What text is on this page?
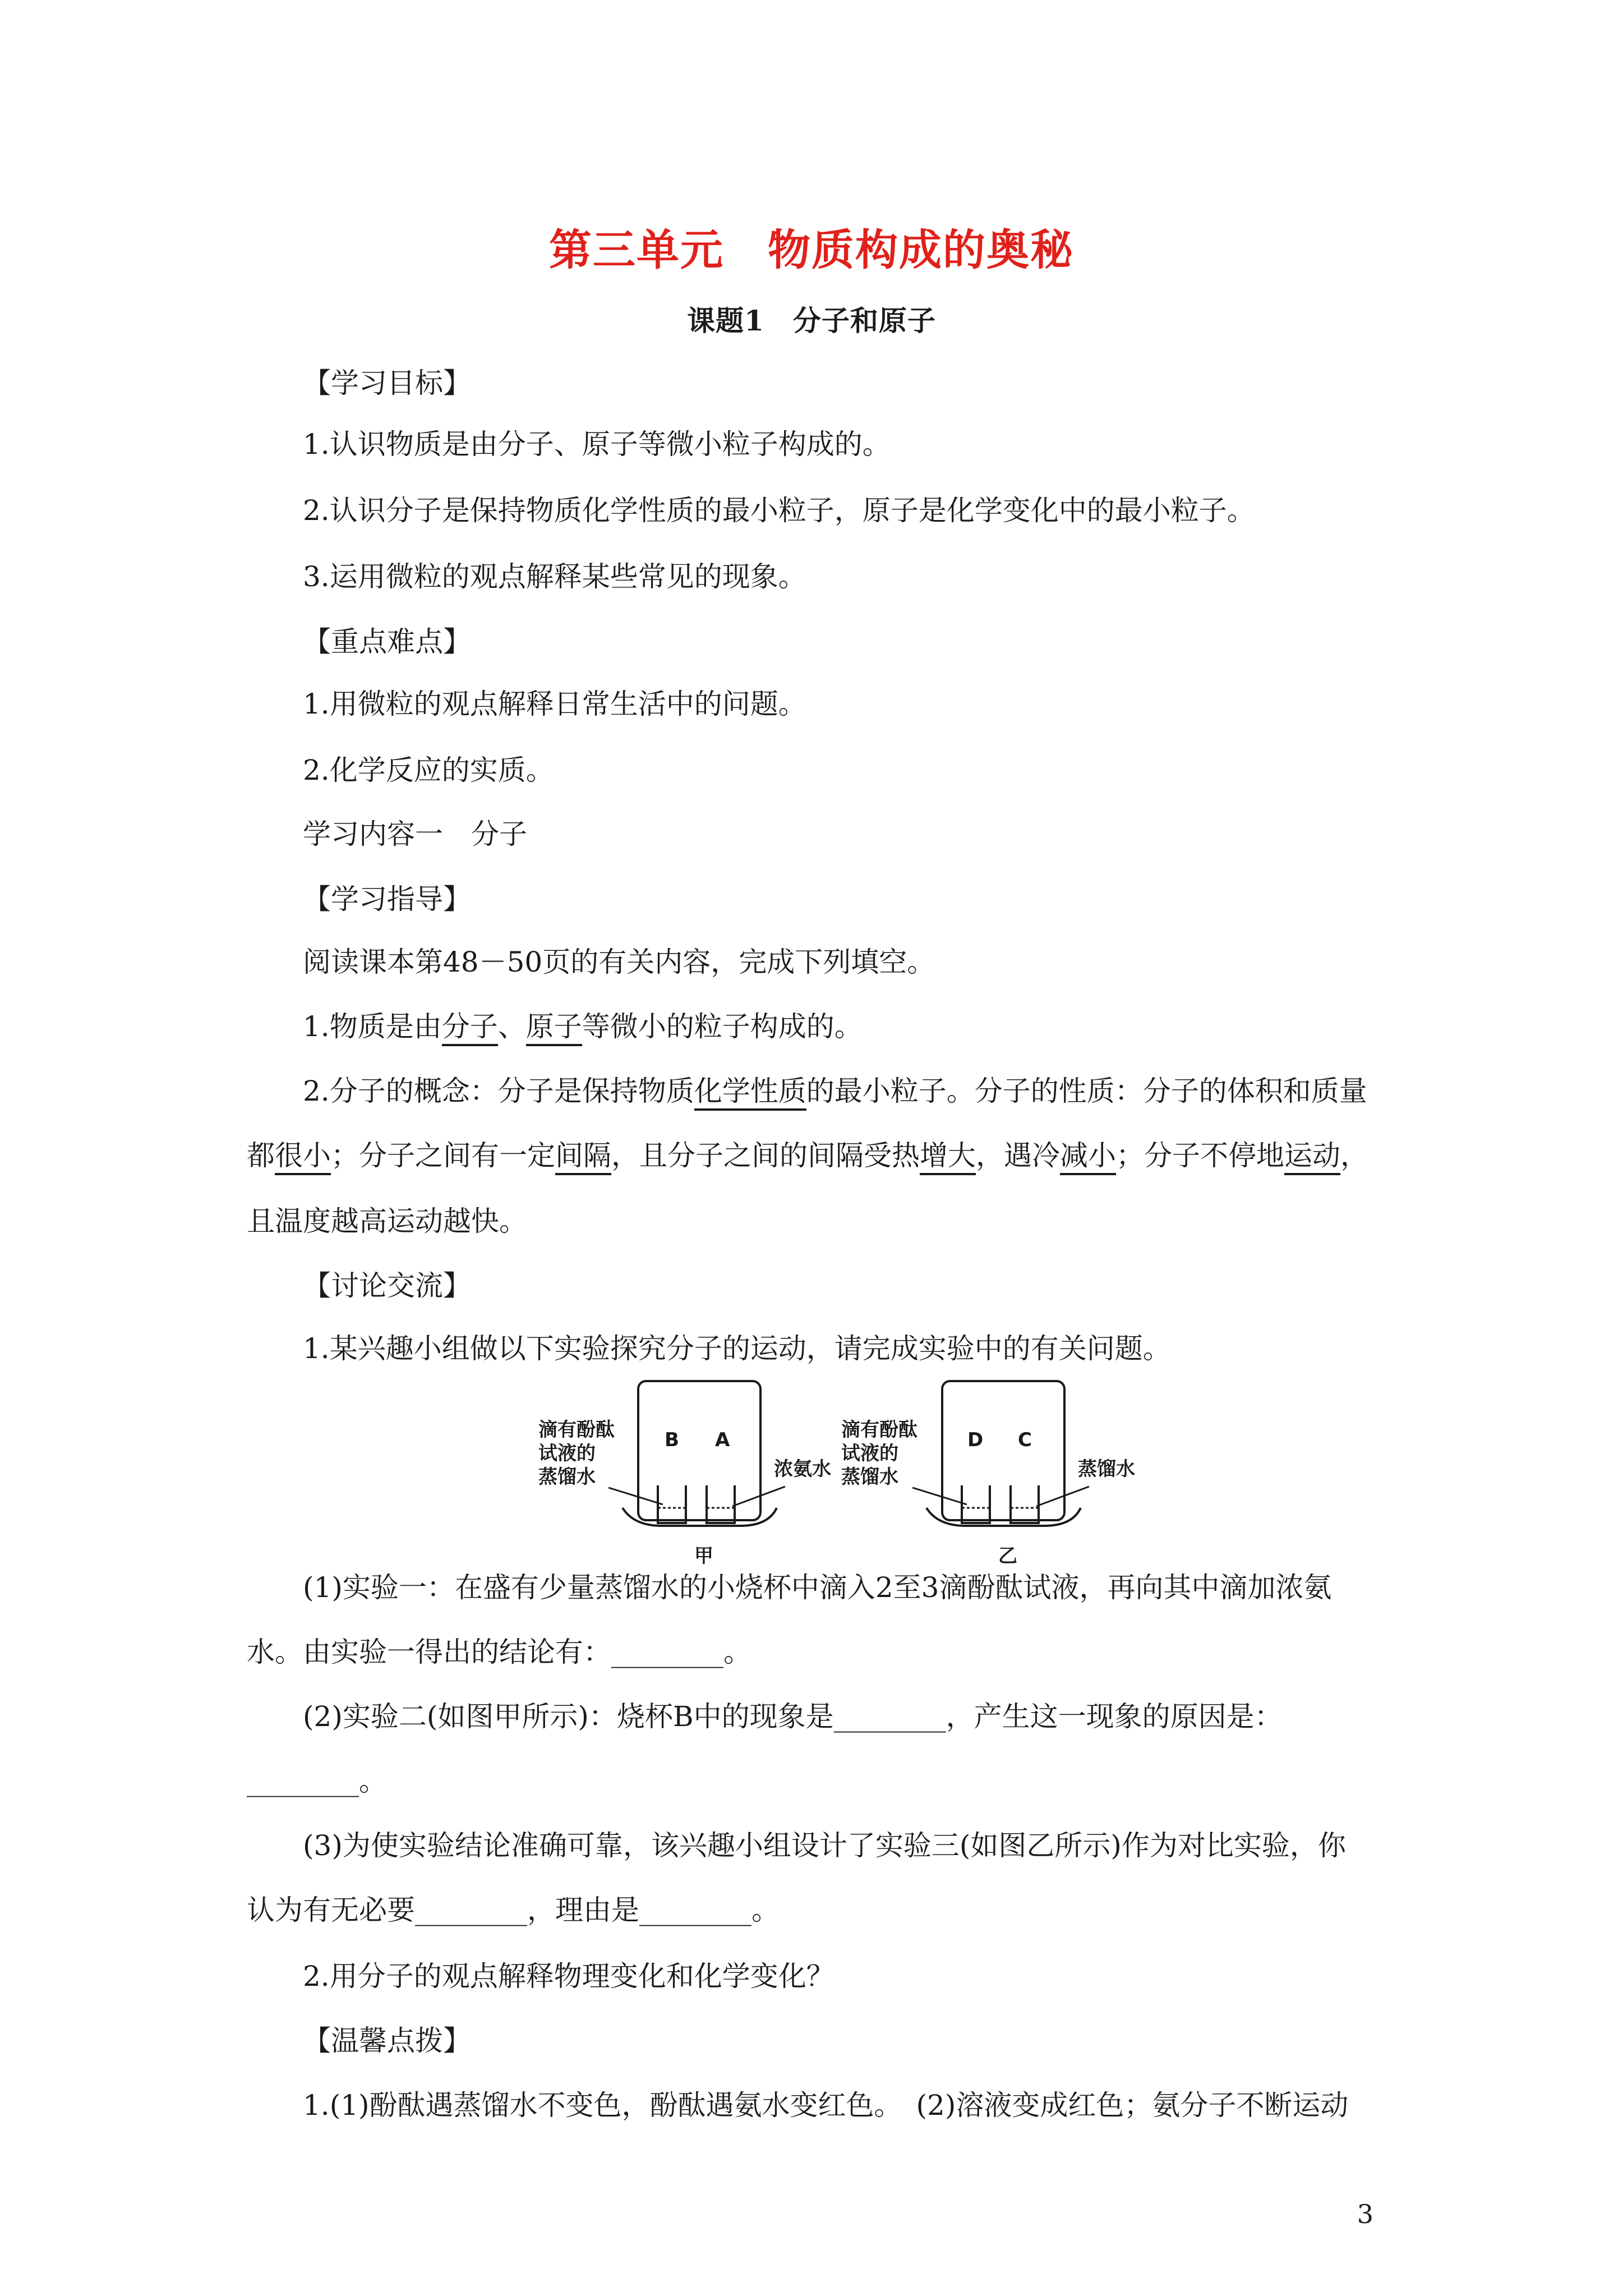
第三单元　物质构成的奥秘
课题1　分子和原子
【学习目标】
1.认识物质是由分子、原子等微小粒子构成的。
2.认识分子是保持物质化学性质的最小粒子，原子是化学变化中的最小粒子。
3.运用微粒的观点解释某些常见的现象。
【重点难点】
1.用微粒的观点解释日常生活中的问题。
2.化学反应的实质。
学习内容一　分子
【学习指导】
阅读课本第48－50页的有关内容，完成下列填空。
1.物质是由分子、原子等微小的粒子构成的。
2.分子的概念：分子是保持物质化学性质的最小粒子。分子的性质：分子的体积和质量
都很小；分子之间有一定间隔，且分子之间的间隔受热增大，遇冷减小；分子不停地运动，
且温度越高运动越快。
【讨论交流】
1.某兴趣小组做以下实验探究分子的运动，请完成实验中的有关问题。
B A
滴有酚酞
试液的
蒸馏水	浓氨水
甲
D C
滴有酚酞
试液的
蒸馏水	蒸馏水
乙
(1)实验一：在盛有少量蒸馏水的小烧杯中滴入2至3滴酚酞试液，再向其中滴加浓氨
水。由实验一得出的结论有：________。
(2)实验二(如图甲所示)：烧杯B中的现象是________，产生这一现象的原因是：
________。
(3)为使实验结论准确可靠，该兴趣小组设计了实验三(如图乙所示)作为对比实验，你
认为有无必要________，理由是________。
2.用分子的观点解释物理变化和化学变化？
【温馨点拨】
1.(1)酚酞遇蒸馏水不变色，酚酞遇氨水变红色。　(2)溶液变成红色；氨分子不断运动
3
